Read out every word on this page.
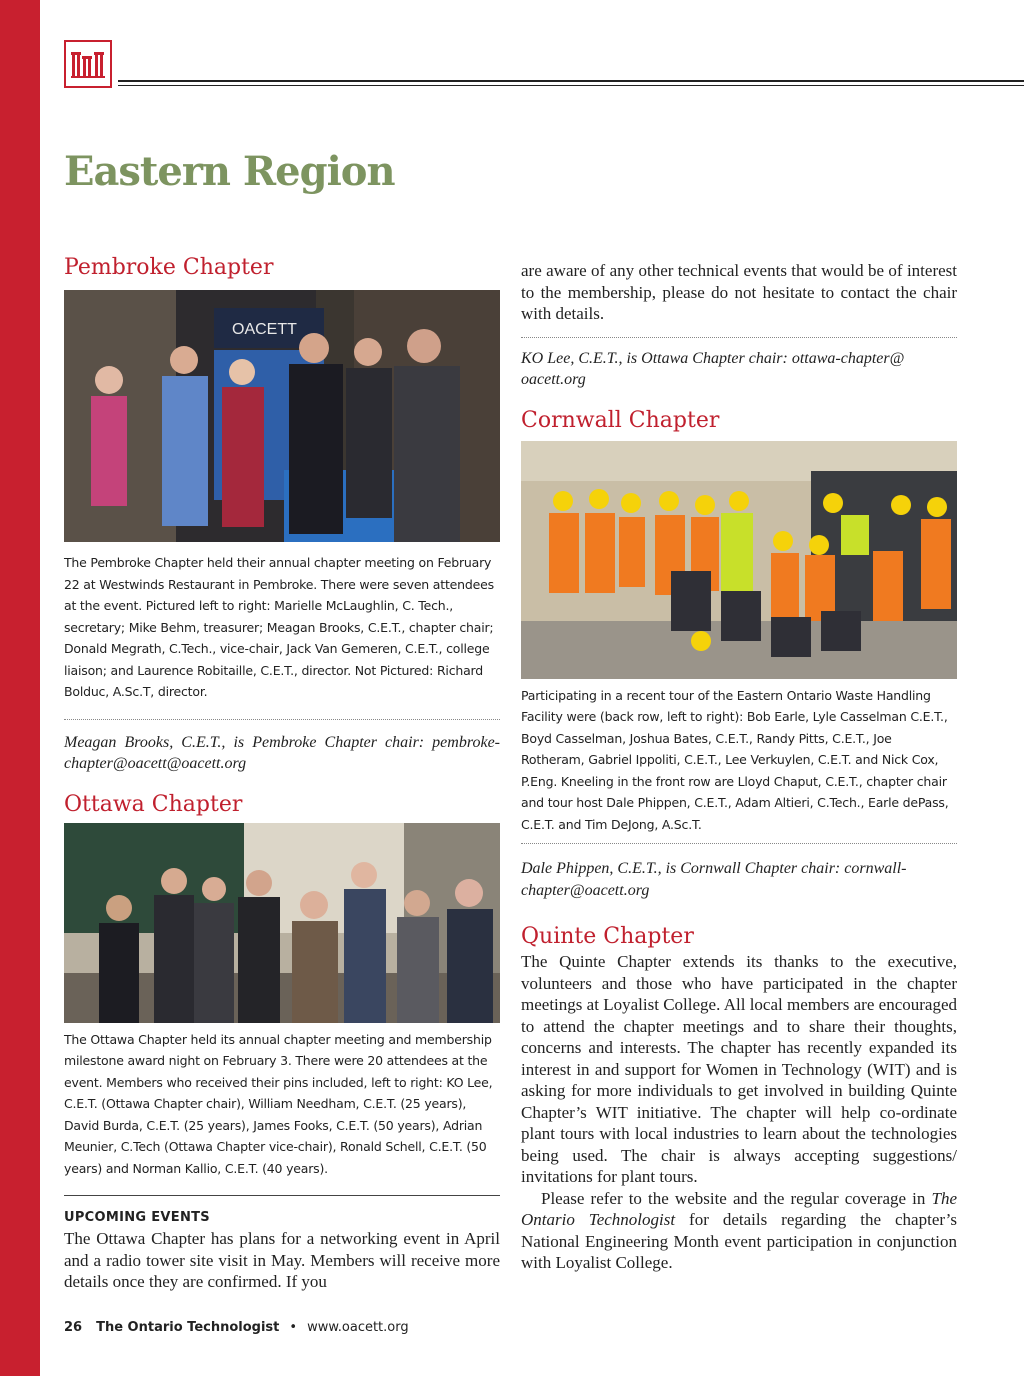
Eastern Region
Pembroke Chapter
OACETT

The Pembroke Chapter held their annual chapter meeting on February 22 at Westwinds Restaurant in Pembroke. There were seven attendees at the event. Pictured left to right: Marielle McLaughlin, C. Tech., secretary; Mike Behm, treasurer; Meagan Brooks, C.E.T., chapter chair; Donald Megrath, C.Tech., vice-chair, Jack Van Gemeren, C.E.T., college liaison; and Laurence Robitaille, C.E.T., director. Not Pictured: Richard Bolduc, A.Sc.T, director.

Meagan Brooks, C.E.T., is Pembroke Chapter chair: pembroke-chapter@oacett@oacett.org

Ottawa Chapter

The Ottawa Chapter held its annual chapter meeting and membership milestone award night on February 3. There were 20 attendees at the event. Members who received their pins included, left to right: KO Lee, C.E.T. (Ottawa Chapter chair), William Needham, C.E.T. (25 years), David Burda, C.E.T. (25 years), James Fooks, C.E.T. (50 years), Adrian Meunier, C.Tech (Ottawa Chapter vice-chair), Ronald Schell, C.E.T. (50 years) and Norman Kallio, C.E.T. (40 years).

UPCOMING EVENTS

The Ottawa Chapter has plans for a networking event in April and a radio tower site visit in May. Members will receive more details once they are confirmed. If you

are aware of any other technical events that would be of interest to the membership, please do not hesitate to contact the chair with details.

KO Lee, C.E.T., is Ottawa Chapter chair: ottawa-chapter@ oacett.org

Cornwall Chapter

Participating in a recent tour of the Eastern Ontario Waste Handling Facility were (back row, left to right): Bob Earle, Lyle Casselman C.E.T., Boyd Casselman, Joshua Bates, C.E.T., Randy Pitts, C.E.T., Joe Rotheram, Gabriel Ippoliti, C.E.T., Lee Verkuylen, C.E.T. and Nick Cox, P.Eng. Kneeling in the front row are Lloyd Chaput, C.E.T., chapter chair and tour host Dale Phippen, C.E.T., Adam Altieri, C.Tech., Earle dePass, C.E.T. and Tim DeJong, A.Sc.T.

Dale Phippen, C.E.T., is Cornwall Chapter chair: cornwall-chapter@oacett.org

Quinte Chapter

The Quinte Chapter extends its thanks to the executive, volunteers and those who have participated in the chapter meetings at Loyalist College. All local members are encouraged to attend the chapter meetings and to share their thoughts, concerns and interests. The chapter has recently expanded its interest in and support for Women in Technology (WIT) and is asking for more individuals to get involved in building Quinte Chapter’s WIT initiative. The chapter will help co-ordinate plant tours with local industries to learn about the technologies being used. The chair is always accepting suggestions/ invitations for plant tours.

Please refer to the website and the regular coverage in The Ontario Technologist for details regarding the chapter’s National Engineering Month event participation in conjunction with Loyalist College.

26 The Ontario Technologist • www.oacett.org
